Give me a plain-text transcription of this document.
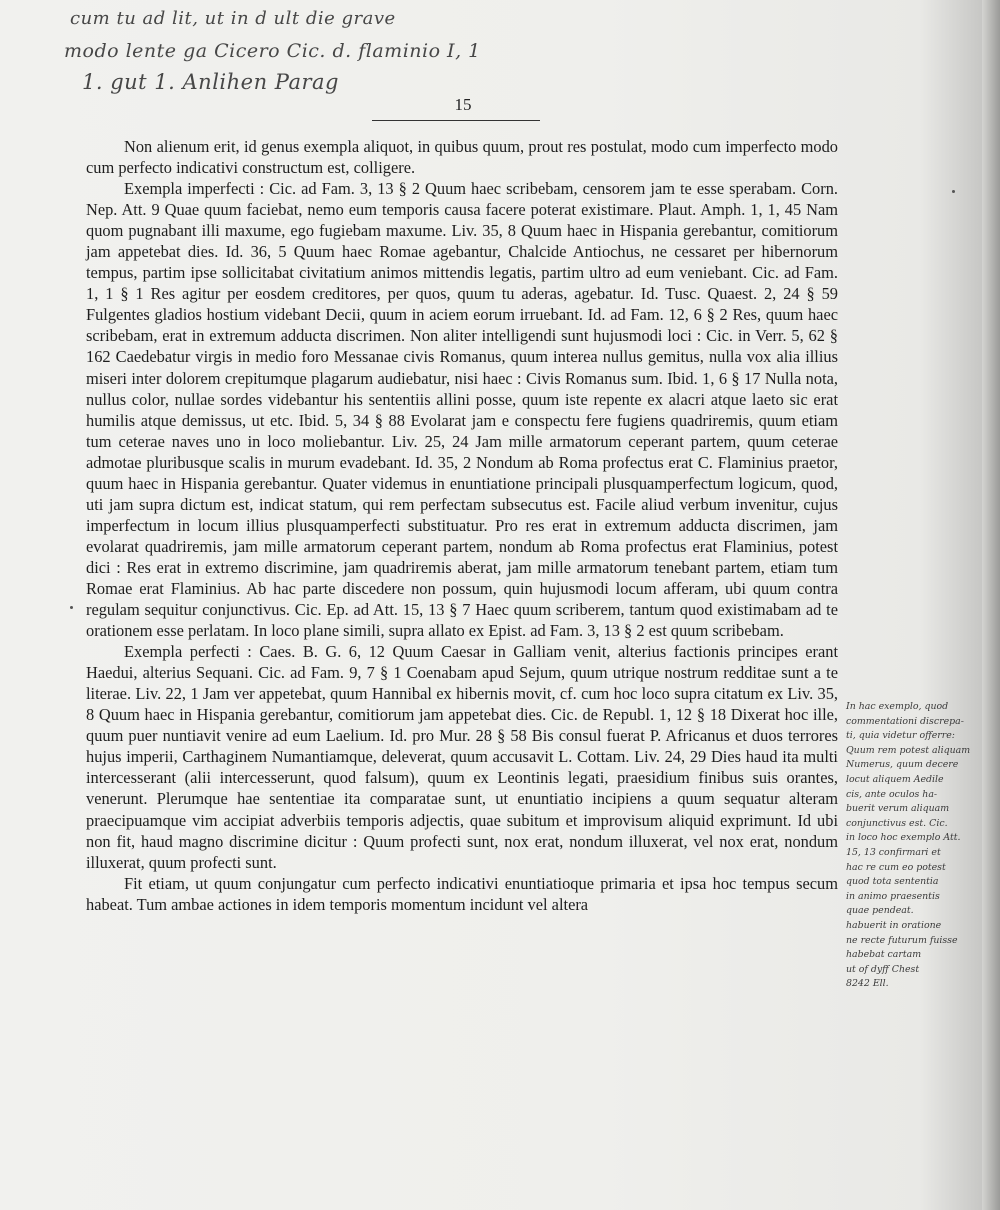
cum tu ad lit, ut in d ult die grave
modo lente ga Cicero Cic. d. flaminio I, 1
1. gut 1. Anlihen Parag
15

Non alienum erit, id genus exempla aliquot, in quibus quum, prout res postulat, modo cum imperfecto modo cum perfecto indicativi constructum est, colligere.

Exempla imperfecti : Cic. ad Fam. 3, 13 § 2 Quum haec scribebam, censorem jam te esse sperabam. Corn. Nep. Att. 9 Quae quum faciebat, nemo eum temporis causa facere poterat existimare. Plaut. Amph. 1, 1, 45 Nam quom pugnabant illi maxume, ego fugiebam maxume. Liv. 35, 8 Quum haec in Hispania gerebantur, comitiorum jam appetebat dies. Id. 36, 5 Quum haec Romae agebantur, Chalcide Antiochus, ne cessaret per hibernorum tempus, partim ipse sollicitabat civitatium animos mittendis legatis, partim ultro ad eum veniebant. Cic. ad Fam. 1, 1 § 1 Res agitur per eosdem creditores, per quos, quum tu aderas, agebatur. Id. Tusc. Quaest. 2, 24 § 59 Fulgentes gladios hostium videbant Decii, quum in aciem eorum irruebant. Id. ad Fam. 12, 6 § 2 Res, quum haec scribebam, erat in extremum adducta discrimen. Non aliter intelligendi sunt hujusmodi loci : Cic. in Verr. 5, 62 § 162 Caedebatur virgis in medio foro Messanae civis Romanus, quum interea nullus gemitus, nulla vox alia illius miseri inter dolorem crepitumque plagarum audiebatur, nisi haec : Civis Romanus sum. Ibid. 1, 6 § 17 Nulla nota, nullus color, nullae sordes videbantur his sententiis allini posse, quum iste repente ex alacri atque laeto sic erat humilis atque demissus, ut etc. Ibid. 5, 34 § 88 Evolarat jam e conspectu fere fugiens quadriremis, quum etiam tum ceterae naves uno in loco moliebantur. Liv. 25, 24 Jam mille armatorum ceperant partem, quum ceterae admotae pluribusque scalis in murum evadebant. Id. 35, 2 Nondum ab Roma profectus erat C. Flaminius praetor, quum haec in Hispania gerebantur. Quater videmus in enuntiatione principali plusquamperfectum logicum, quod, uti jam supra dictum est, indicat statum, qui rem perfectam subsecutus est. Facile aliud verbum invenitur, cujus imperfectum in locum illius plusquamperfecti substituatur. Pro res erat in extremum adducta discrimen, jam evolarat quadriremis, jam mille armatorum ceperant partem, nondum ab Roma profectus erat Flaminius, potest dici : Res erat in extremo discrimine, jam quadriremis aberat, jam mille armatorum tenebant partem, etiam tum Romae erat Flaminius. Ab hac parte discedere non possum, quin hujusmodi locum afferam, ubi quum contra regulam sequitur conjunctivus. Cic. Ep. ad Att. 15, 13 § 7 Haec quum scriberem, tantum quod existimabam ad te orationem esse perlatam. In loco plane simili, supra allato ex Epist. ad Fam. 3, 13 § 2 est quum scribebam.

Exempla perfecti : Caes. B. G. 6, 12 Quum Caesar in Galliam venit, alterius factionis principes erant Haedui, alterius Sequani. Cic. ad Fam. 9, 7 § 1 Coenabam apud Sejum, quum utrique nostrum redditae sunt a te literae. Liv. 22, 1 Jam ver appetebat, quum Hannibal ex hibernis movit, cf. cum hoc loco supra citatum ex Liv. 35, 8 Quum haec in Hispania gerebantur, comitiorum jam appetebat dies. Cic. de Republ. 1, 12 § 18 Dixerat hoc ille, quum puer nuntiavit venire ad eum Laelium. Id. pro Mur. 28 § 58 Bis consul fuerat P. Africanus et duos terrores hujus imperii, Carthaginem Numantiamque, deleverat, quum accusavit L. Cottam. Liv. 24, 29 Dies haud ita multi intercesserant (alii intercesserunt, quod falsum), quum ex Leontinis legati, praesidium finibus suis orantes, venerunt. Plerumque hae sententiae ita comparatae sunt, ut enuntiatio incipiens a quum sequatur alteram praecipuamque vim accipiat adverbiis temporis adjectis, quae subitum et improvisum aliquid exprimunt. Id ubi non fit, haud magno discrimine dicitur : Quum profecti sunt, nox erat, nondum illuxerat, vel nox erat, nondum illuxerat, quum profecti sunt.

Fit etiam, ut quum conjungatur cum perfecto indicativi enuntiatioque primaria et ipsa hoc tempus secum habeat. Tum ambae actiones in idem temporis momentum incidunt vel altera

In hac exemplo, quod
commentationi discrepa-
ti, quia videtur offerre:
Quum rem potest aliquam
Numerus, quum decere
locut aliquem Aedile
cis, ante oculos ha-
buerit verum aliquam
conjunctivus est. Cic.
in loco hoc exemplo Att.
15, 13 confirmari et
hac re cum eo potest
quod tota sententia
in animo praesentis
quae pendeat.
habuerit in oratione
ne recte futurum fuisse
habebat cartam
ut of dyff Chest
8242 Ell.
